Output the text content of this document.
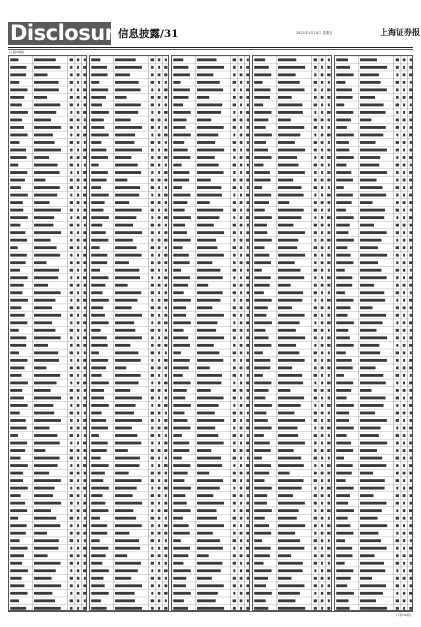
Disclosure
信息披露/31	2022年1月14日 星期五	上海证券报
(上接30版)
(下转32版)
